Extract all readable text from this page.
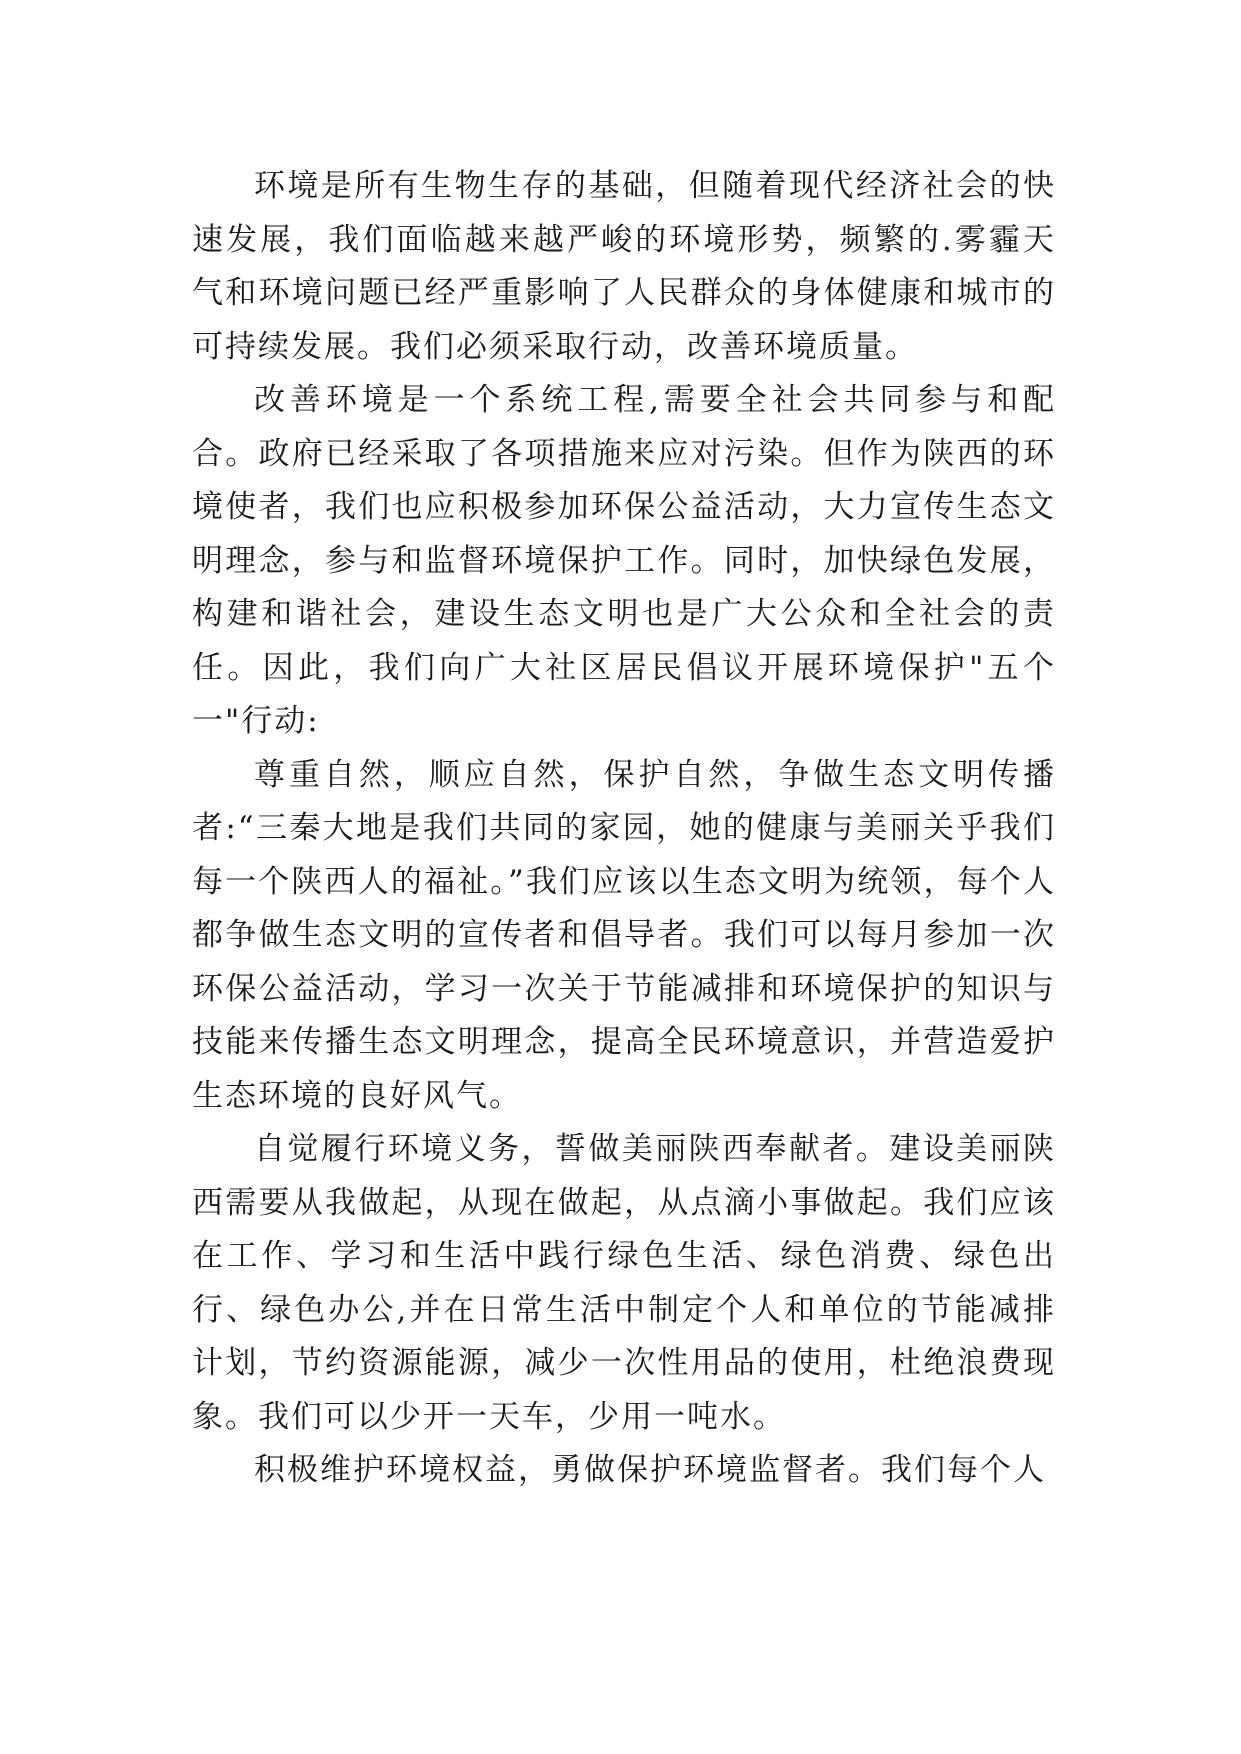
环境是所有生物生存的基础，但随着现代经济社会的快速发展，我们面临越来越严峻的环境形势，频繁的.雾霾天气和环境问题已经严重影响了人民群众的身体健康和城市的可持续发展。我们必须采取行动，改善环境质量。

改善环境是一个系统工程,需要全社会共同参与和配合。政府已经采取了各项措施来应对污染。但作为陕西的环境使者，我们也应积极参加环保公益活动，大力宣传生态文明理念，参与和监督环境保护工作。同时，加快绿色发展，构建和谐社会，建设生态文明也是广大公众和全社会的责任。因此，我们向广大社区居民倡议开展环境保护"五个一"行动:

尊重自然，顺应自然，保护自然，争做生态文明传播者:“三秦大地是我们共同的家园，她的健康与美丽关乎我们每一个陕西人的福祉。”我们应该以生态文明为统领，每个人都争做生态文明的宣传者和倡导者。我们可以每月参加一次环保公益活动，学习一次关于节能减排和环境保护的知识与技能来传播生态文明理念，提高全民环境意识，并营造爱护生态环境的良好风气。

自觉履行环境义务，誓做美丽陕西奉献者。建设美丽陕西需要从我做起，从现在做起，从点滴小事做起。我们应该在工作、学习和生活中践行绿色生活、绿色消费、绿色出行、绿色办公,并在日常生活中制定个人和单位的节能减排计划，节约资源能源，减少一次性用品的使用，杜绝浪费现象。我们可以少开一天车，少用一吨水。

积极维护环境权益，勇做保护环境监督者。我们每个人
